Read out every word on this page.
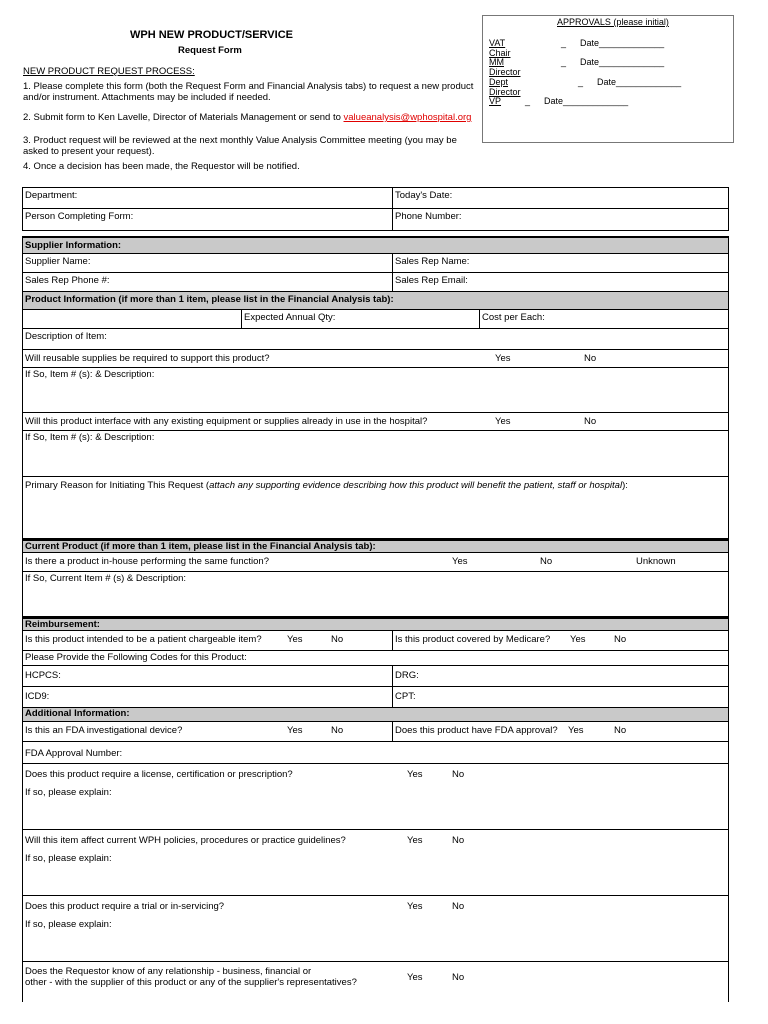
WPH NEW PRODUCT/SERVICE
Request Form
NEW PRODUCT REQUEST PROCESS:
1. Please complete this form (both the Request Form and Financial Analysis tabs) to request a new product and/or instrument. Attachments may be included if needed.
2. Submit form to Ken Lavelle, Director of Materials Management or send to valueanalysis@wphospital.org
3. Product request will be reviewed at the next monthly Value Analysis Committee meeting (you may be asked to present your request).
4. Once a decision has been made, the Requestor will be notified.
APPROVALS (please initial)
VAT Chair
_ Date_____________
MM Director
_ Date_____________
Dept Director
_ Date_____________
VP	_ Date_____________
Department:	Today's Date:
Person Completing Form:	Phone Number:
Supplier Information:
Supplier Name:	Sales Rep Name:
Sales Rep Phone #:	Sales Rep Email:
Product Information (if more than 1 item, please list in the Financial Analysis tab):
Expected Annual Qty:	Cost per Each:
Description of Item:
Will reusable supplies be required to support this product?	Yes	No
If So, Item # (s): & Description:
Will this product interface with any existing equipment or supplies already in use in the hospital?	Yes	No
If So, Item # (s): & Description:
Primary Reason for Initiating This Request (attach any supporting evidence describing how this product will benefit the patient, staff or hospital):
Current Product (if more than 1 item, please list in the Financial Analysis tab):
Is there a product in-house performing the same function?	Yes	No	Unknown
If So, Current Item # (s) & Description:
Reimbursement:
Is this product intended to be a patient chargeable item?	Yes	No	Is this product covered by Medicare? Yes	No
Please Provide the Following Codes for this Product:
HCPCS:	DRG:
ICD9:	CPT:
Additional Information:
Is this an FDA investigational device?	Yes	No	Does this product have FDA approval? Yes	No
FDA Approval Number:
Does this product require a license, certification or prescription?	Yes	No
If so, please explain:
Will this item affect current WPH policies, procedures or practice guidelines?	Yes	No
If so, please explain:
Does this product require a trial or in-servicing?	Yes	No
If so, please explain:
Does the Requestor know of any relationship - business, financial or
other - with the supplier of this product or any of the supplier's representatives?	Yes	No
